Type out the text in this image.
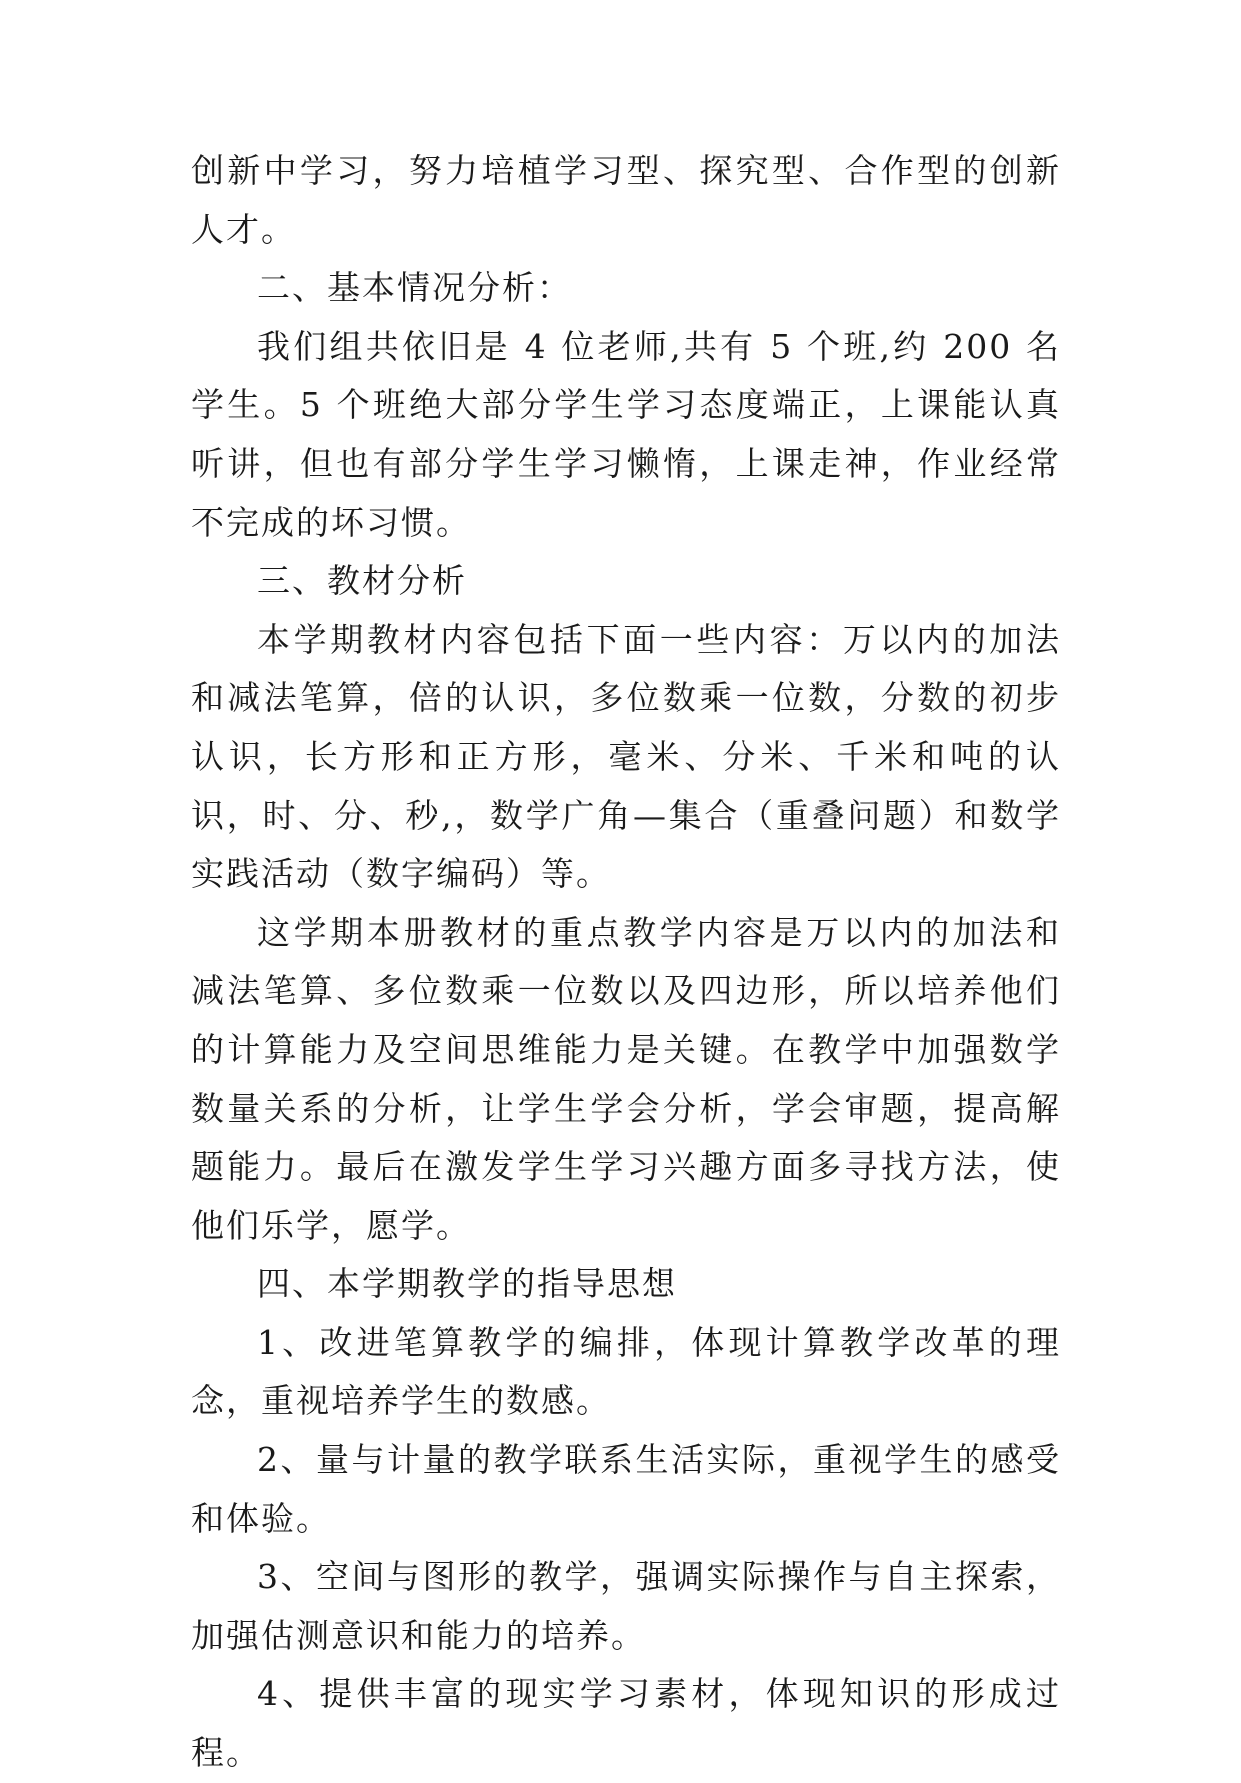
创新中学习，努力培植学习型、探究型、合作型的创新人才。

二、基本情况分析：

我们组共依旧是 4 位老师,共有 5 个班,约 200 名学生。5 个班绝大部分学生学习态度端正，上课能认真听讲，但也有部分学生学习懒惰，上课走神，作业经常不完成的坏习惯。

三、教材分析

本学期教材内容包括下面一些内容：万以内的加法和减法笔算，倍的认识，多位数乘一位数，分数的初步认识，长方形和正方形，毫米、分米、千米和吨的认识，时、分、秒,，数学广角—集合（重叠问题）和数学实践活动（数字编码）等。

这学期本册教材的重点教学内容是万以内的加法和减法笔算、多位数乘一位数以及四边形，所以培养他们的计算能力及空间思维能力是关键。在教学中加强数学数量关系的分析，让学生学会分析，学会审题，提高解题能力。最后在激发学生学习兴趣方面多寻找方法，使他们乐学，愿学。

四、本学期教学的指导思想

1、改进笔算教学的编排，体现计算教学改革的理念，重视培养学生的数感。

2、量与计量的教学联系生活实际，重视学生的感受和体验。

3、空间与图形的教学，强调实际操作与自主探索，加强估测意识和能力的培养。

4、提供丰富的现实学习素材，体现知识的形成过程。
